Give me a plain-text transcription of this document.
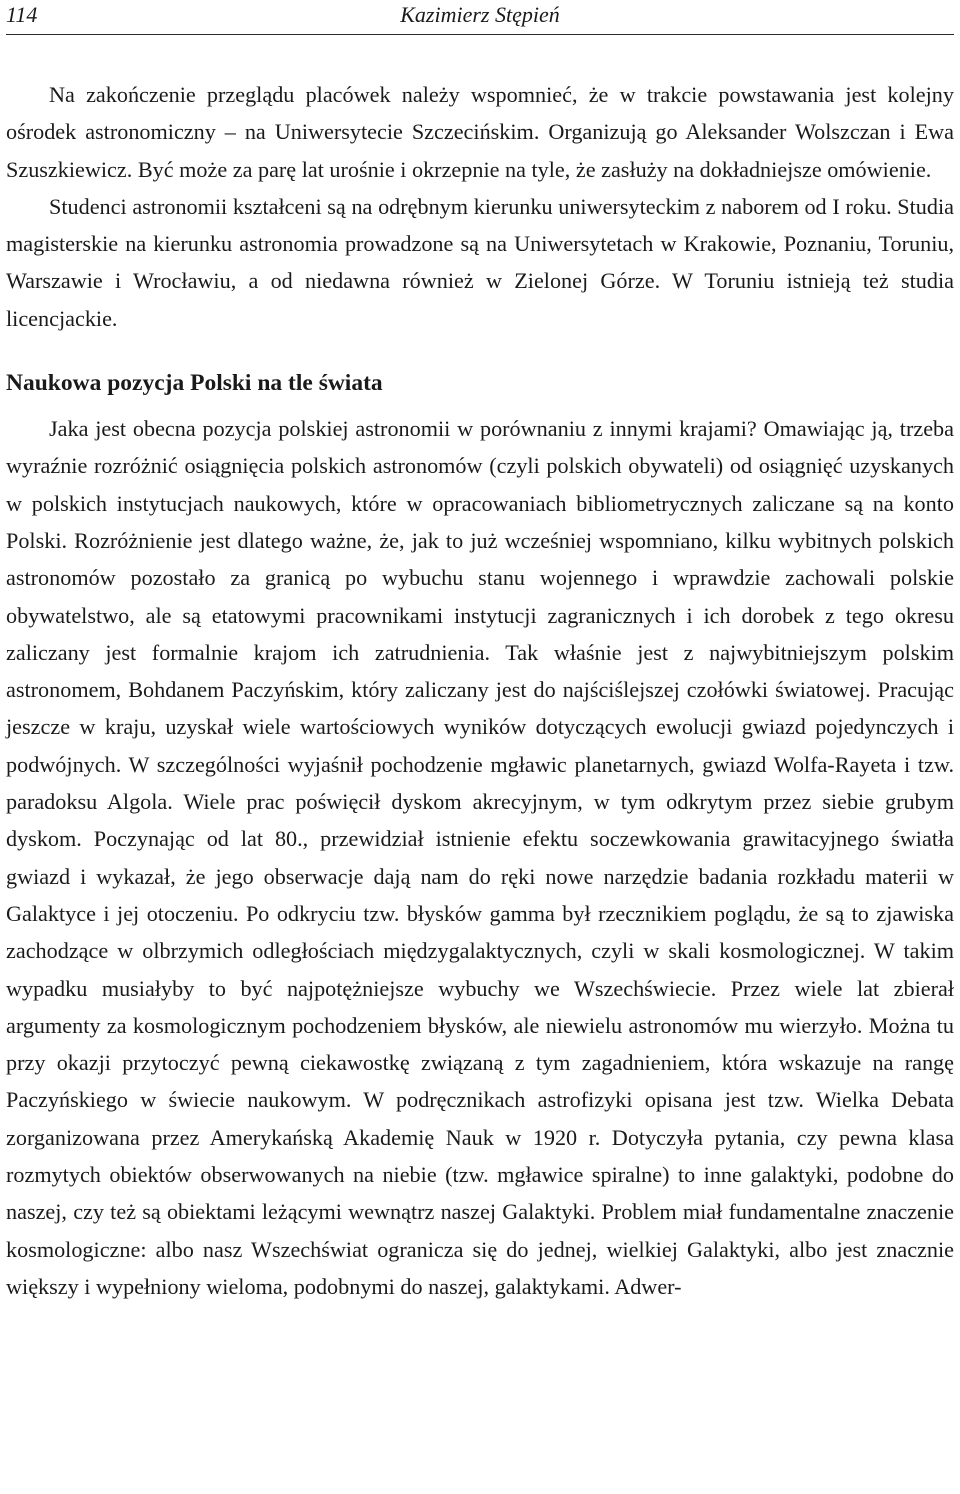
114	Kazimierz Stępień

Na zakończenie przeglądu placówek należy wspomnieć, że w trakcie powstawania jest kolejny ośrodek astronomiczny – na Uniwersytecie Szczecińskim. Organizują go Aleksander Wolszczan i Ewa Szuszkiewicz. Być może za parę lat urośnie i okrzepnie na tyle, że zasłuży na dokładniejsze omówienie.

Studenci astronomii kształceni są na odrębnym kierunku uniwersyteckim z naborem od I roku. Studia magisterskie na kierunku astronomia prowadzone są na Uniwersytetach w Krakowie, Poznaniu, Toruniu, Warszawie i Wrocławiu, a od niedawna również w Zielonej Górze. W Toruniu istnieją też studia licencjackie.

Naukowa pozycja Polski na tle świata

Jaka jest obecna pozycja polskiej astronomii w porównaniu z innymi krajami? Omawiając ją, trzeba wyraźnie rozróżnić osiągnięcia polskich astronomów (czyli polskich obywateli) od osiągnięć uzyskanych w polskich instytucjach naukowych, które w opracowaniach bibliometrycznych zaliczane są na konto Polski. Rozróżnienie jest dlatego ważne, że, jak to już wcześniej wspomniano, kilku wybitnych polskich astronomów pozostało za granicą po wybuchu stanu wojennego i wprawdzie zachowali polskie obywatelstwo, ale są etatowymi pracownikami instytucji zagranicznych i ich dorobek z tego okresu zaliczany jest formalnie krajom ich zatrudnienia. Tak właśnie jest z najwybitniejszym polskim astronomem, Bohdanem Paczyńskim, który zaliczany jest do najściślejszej czołówki światowej. Pracując jeszcze w kraju, uzyskał wiele wartościowych wyników dotyczących ewolucji gwiazd pojedynczych i podwójnych. W szczególności wyjaśnił pochodzenie mgławic planetarnych, gwiazd Wolfa-Rayeta i tzw. paradoksu Algola. Wiele prac poświęcił dyskom akrecyjnym, w tym odkrytym przez siebie grubym dyskom. Poczynając od lat 80., przewidział istnienie efektu soczewkowania grawitacyjnego światła gwiazd i wykazał, że jego obserwacje dają nam do ręki nowe narzędzie badania rozkładu materii w Galaktyce i jej otoczeniu. Po odkryciu tzw. błysków gamma był rzecznikiem poglądu, że są to zjawiska zachodzące w olbrzymich odległościach międzygalaktycznych, czyli w skali kosmologicznej. W takim wypadku musiałyby to być najpotężniejsze wybuchy we Wszechświecie. Przez wiele lat zbierał argumenty za kosmologicznym pochodzeniem błysków, ale niewielu astronomów mu wierzyło. Można tu przy okazji przytoczyć pewną ciekawostkę związaną z tym zagadnieniem, która wskazuje na rangę Paczyńskiego w świecie naukowym. W podręcznikach astrofizyki opisana jest tzw. Wielka Debata zorganizowana przez Amerykańską Akademię Nauk w 1920 r. Dotyczyła pytania, czy pewna klasa rozmytych obiektów obserwowanych na niebie (tzw. mgławice spiralne) to inne galaktyki, podobne do naszej, czy też są obiektami leżącymi wewnątrz naszej Galaktyki. Problem miał fundamentalne znaczenie kosmologiczne: albo nasz Wszechświat ogranicza się do jednej, wielkiej Galaktyki, albo jest znacznie większy i wypełniony wieloma, podobnymi do naszej, galaktykami. Adwer-
